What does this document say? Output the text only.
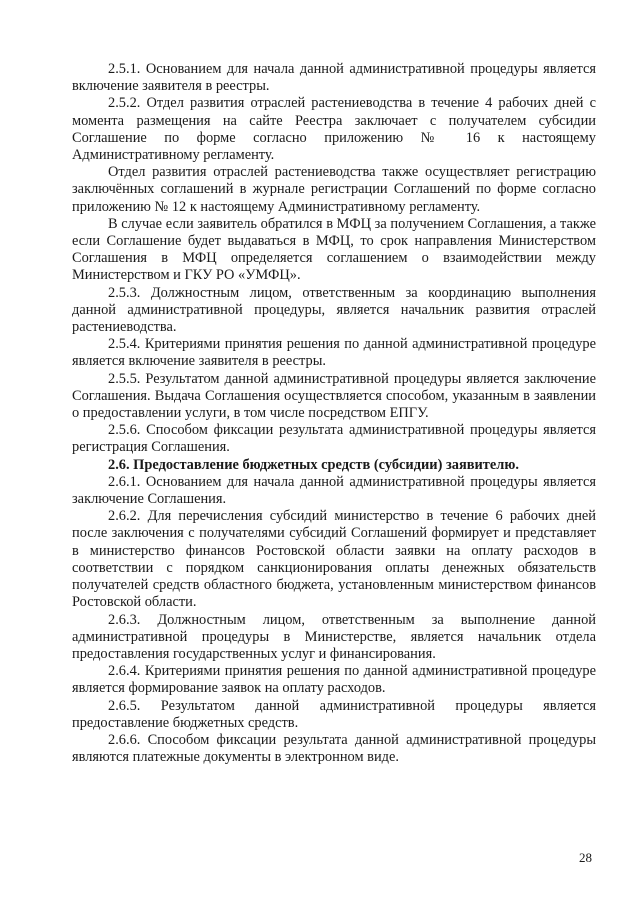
2.5.1. Основанием для начала данной административной процедуры является включение заявителя в реестры.

2.5.2. Отдел развития отраслей растениеводства в течение 4 рабочих дней с момента размещения на сайте Реестра заключает с получателем субсидии Соглашение по форме согласно приложению № 16 к настоящему Административному регламенту.

Отдел развития отраслей растениеводства также осуществляет регистрацию заключённых соглашений в журнале регистрации Соглашений по форме согласно приложению № 12 к настоящему Административному регламенту.

В случае если заявитель обратился в МФЦ за получением Соглашения, а также если Соглашение будет выдаваться в МФЦ, то срок направления Министерством Соглашения в МФЦ определяется соглашением о взаимодействии между Министерством и ГКУ РО «УМФЦ».

2.5.3. Должностным лицом, ответственным за координацию выполнения данной административной процедуры, является начальник развития отраслей растениеводства.

2.5.4. Критериями принятия решения по данной административной процедуре является включение заявителя в реестры.

2.5.5. Результатом данной административной процедуры является заключение Соглашения. Выдача Соглашения осуществляется способом, указанным в заявлении о предоставлении услуги, в том числе посредством ЕПГУ.

2.5.6. Способом фиксации результата административной процедуры является регистрация Соглашения.

2.6. Предоставление бюджетных средств (субсидии) заявителю.

2.6.1. Основанием для начала данной административной процедуры является заключение Соглашения.

2.6.2. Для перечисления субсидий министерство в течение 6 рабочих дней после заключения с получателями субсидий Соглашений формирует и представляет в министерство финансов Ростовской области заявки на оплату расходов в соответствии с порядком санкционирования оплаты денежных обязательств получателей средств областного бюджета, установленным министерством финансов Ростовской области.

2.6.3. Должностным лицом, ответственным за выполнение данной административной процедуры в Министерстве, является начальник отдела предоставления государственных услуг и финансирования.

2.6.4. Критериями принятия решения по данной административной процедуре является формирование заявок на оплату расходов.

2.6.5. Результатом данной административной процедуры является предоставление бюджетных средств.

2.6.6. Способом фиксации результата данной административной процедуры являются платежные документы в электронном виде.

28
